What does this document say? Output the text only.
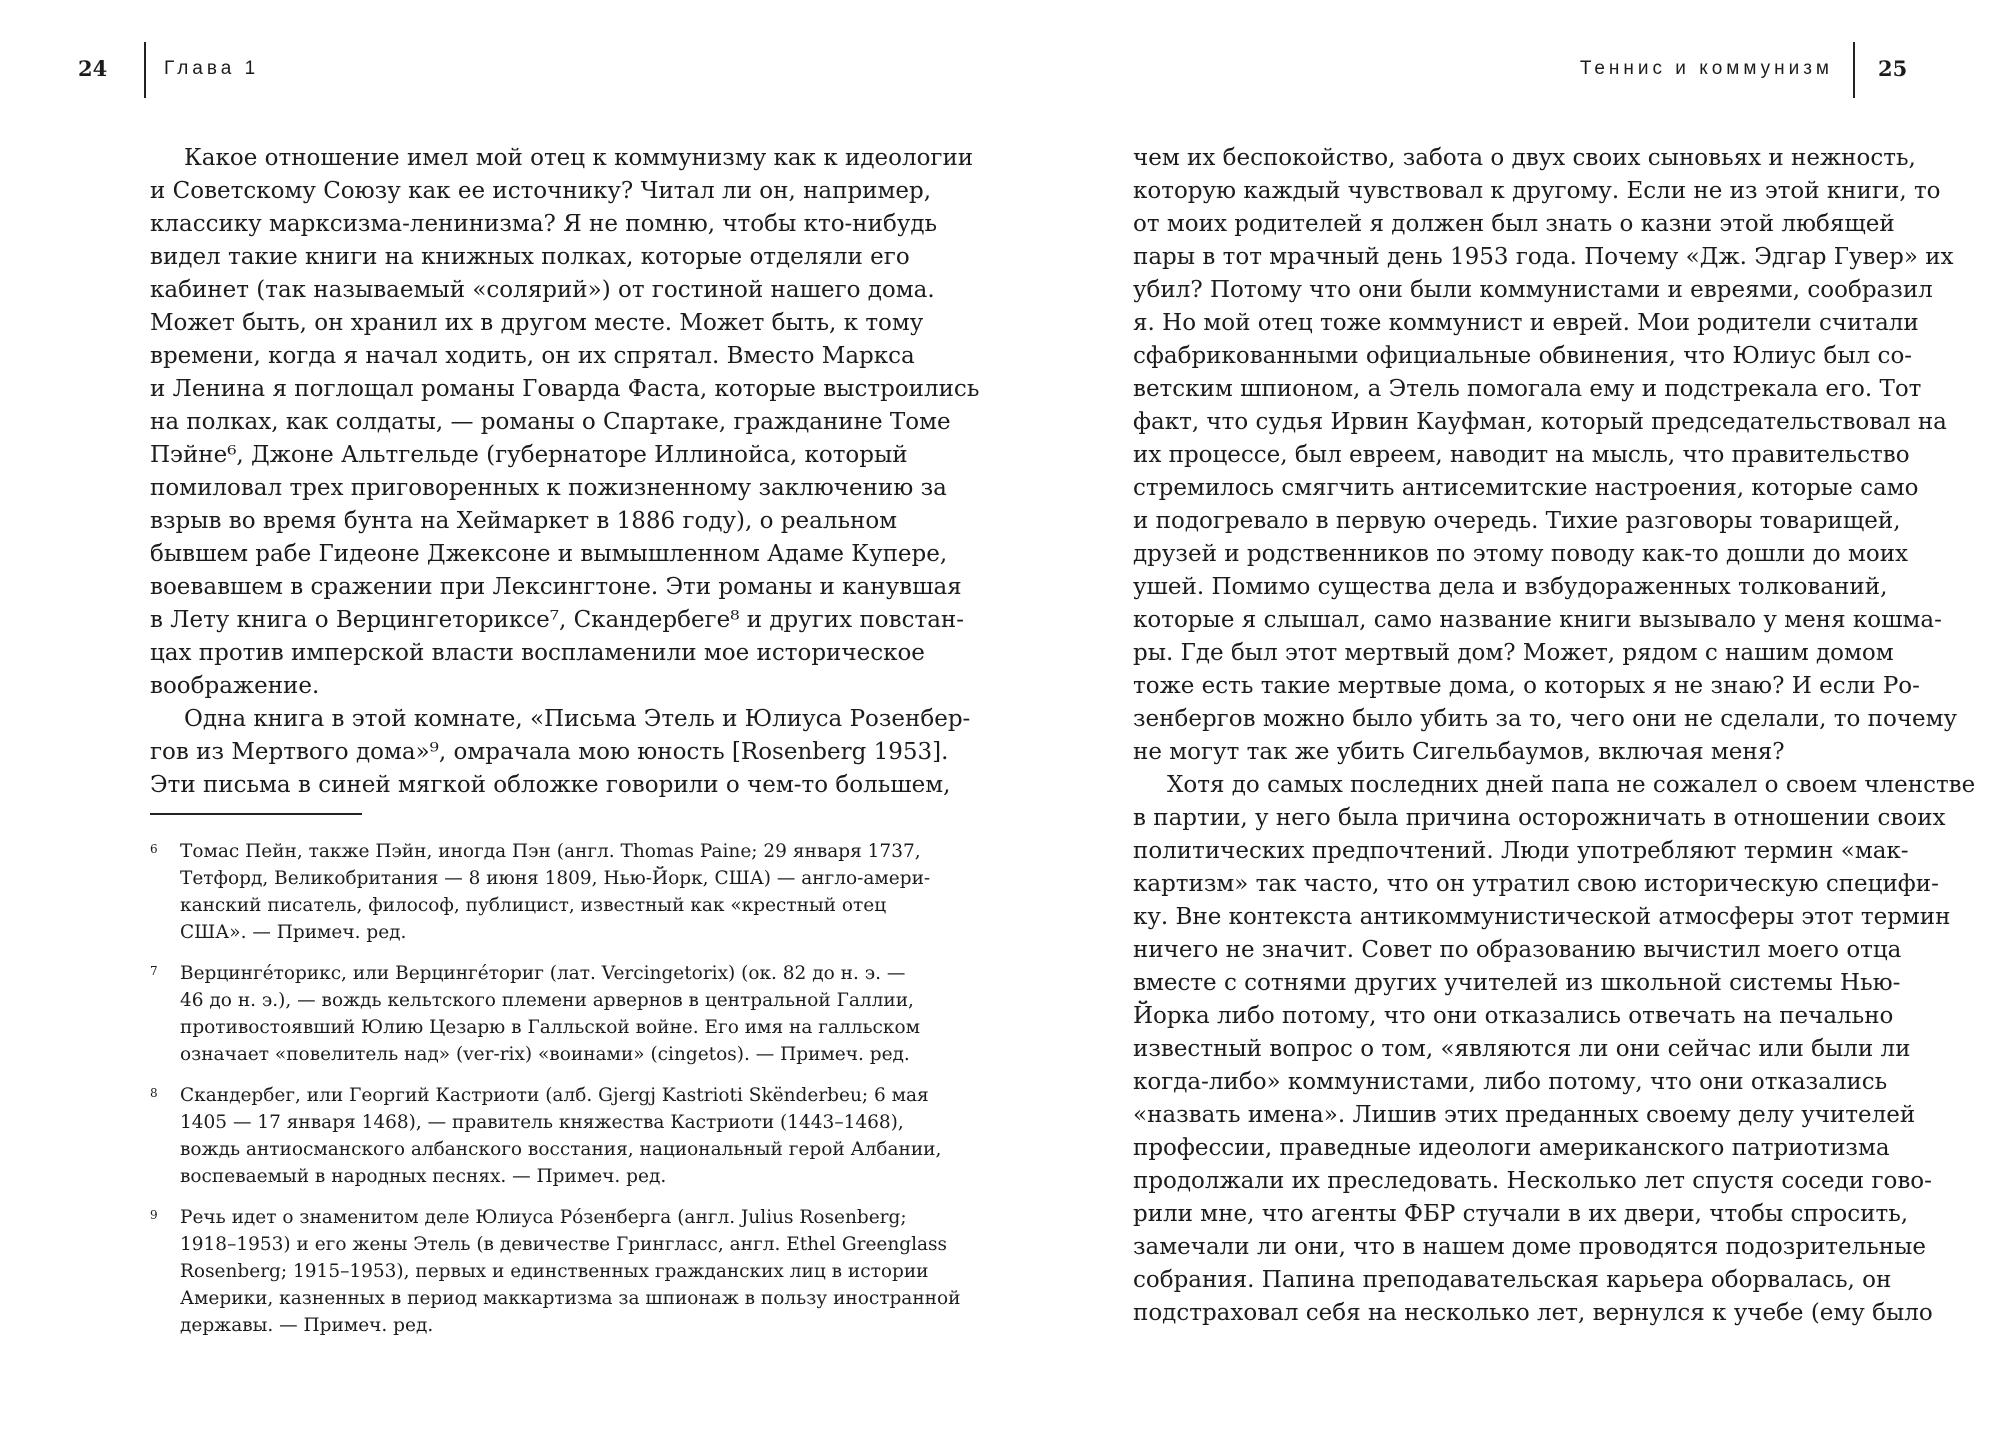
24	Глава 1
Какое отношение имел мой отец к коммунизму как к идеологии
и Советскому Союзу как ее источнику? Читал ли он, например,
классику марксизма-ленинизма? Я не помню, чтобы кто-нибудь
видел такие книги на книжных полках, которые отделяли его
кабинет (так называемый «солярий») от гостиной нашего дома.
Может быть, он хранил их в другом месте. Может быть, к тому
времени, когда я начал ходить, он их спрятал. Вместо Маркса
и Ленина я поглощал романы Говарда Фаста, которые выстроились
на полках, как солдаты, — романы о Спартаке, гражданине Томе
Пэйне⁶, Джоне Альтгельде (губернаторе Иллинойса, который
помиловал трех приговоренных к пожизненному заключению за
взрыв во время бунта на Хеймаркет в 1886 году), о реальном
бывшем рабе Гидеоне Джексоне и вымышленном Адаме Купере,
воевавшем в сражении при Лексингтоне. Эти романы и канувшая
в Лету книга о Верцингеториксе⁷, Скандербеге⁸ и других повстан-
цах против имперской власти воспламенили мое историческое
воображение.
Одна книга в этой комнате, «Письма Этель и Юлиуса Розенбер-
гов из Мертвого дома»⁹, омрачала мою юность [Rosenberg 1953].
Эти письма в синей мягкой обложке говорили о чем-то большем,
6 Томас Пейн, также Пэйн, иногда Пэн (англ. Thomas Paine; 29 января 1737,
Тетфорд, Великобритания — 8 июня 1809, Нью-Йорк, США) — англо-амери-
канский писатель, философ, публицист, известный как «крестный отец
США». — Примеч. ред.
7 Верцинге́торикс, или Верцинге́ториг (лат. Vercingetorix) (ок. 82 до н. э. —
46 до н. э.), — вождь кельтского племени арвернов в центральной Галлии,
противостоявший Юлию Цезарю в Галльской войне. Его имя на галльском
означает «повелитель над» (ver-rix) «воинами» (cingetos). — Примеч. ред.
8 Скандербег, или Георгий Кастриоти (алб. Gjergj Kastrioti Skënderbeu; 6 мая
1405 — 17 января 1468), — правитель княжества Кастриоти (1443–1468),
вождь антиосманского албанского восстания, национальный герой Албании,
воспеваемый в народных песнях. — Примеч. ред.
9 Речь идет о знаменитом деле Юлиуса Ро́зенберга (англ. Julius Rosenberg;
1918–1953) и его жены Этель (в девичестве Грингласс, англ. Ethel Greenglass
Rosenberg; 1915–1953), первых и единственных гражданских лиц в истории
Америки, казненных в период маккартизма за шпионаж в пользу иностранной
державы. — Примеч. ред.
Теннис и коммунизм 25
чем их беспокойство, забота о двух своих сыновьях и нежность,
которую каждый чувствовал к другому. Если не из этой книги, то
от моих родителей я должен был знать о казни этой любящей
пары в тот мрачный день 1953 года. Почему «Дж. Эдгар Гувер» их
убил? Потому что они были коммунистами и евреями, сообразил
я. Но мой отец тоже коммунист и еврей. Мои родители считали
сфабрикованными официальные обвинения, что Юлиус был со-
ветским шпионом, а Этель помогала ему и подстрекала его. Тот
факт, что судья Ирвин Кауфман, который председательствовал на
их процессе, был евреем, наводит на мысль, что правительство
стремилось смягчить антисемитские настроения, которые само
и подогревало в первую очередь. Тихие разговоры товарищей,
друзей и родственников по этому поводу как-то дошли до моих
ушей. Помимо существа дела и взбудораженных толкований,
которые я слышал, само название книги вызывало у меня кошма-
ры. Где был этот мертвый дом? Может, рядом с нашим домом
тоже есть такие мертвые дома, о которых я не знаю? И если Ро-
зенбергов можно было убить за то, чего они не сделали, то почему
не могут так же убить Сигельбаумов, включая меня?
Хотя до самых последних дней папа не сожалел о своем членстве
в партии, у него была причина осторожничать в отношении своих
политических предпочтений. Люди употребляют термин «мак-
картизм» так часто, что он утратил свою историческую специфи-
ку. Вне контекста антикоммунистической атмосферы этот термин
ничего не значит. Совет по образованию вычистил моего отца
вместе с сотнями других учителей из школьной системы Нью-
Йорка либо потому, что они отказались отвечать на печально
известный вопрос о том, «являются ли они сейчас или были ли
когда-либо» коммунистами, либо потому, что они отказались
«назвать имена». Лишив этих преданных своему делу учителей
профессии, праведные идеологи американского патриотизма
продолжали их преследовать. Несколько лет спустя соседи гово-
рили мне, что агенты ФБР стучали в их двери, чтобы спросить,
замечали ли они, что в нашем доме проводятся подозрительные
собрания. Папина преподавательская карьера оборвалась, он
подстраховал себя на несколько лет, вернулся к учебе (ему было
